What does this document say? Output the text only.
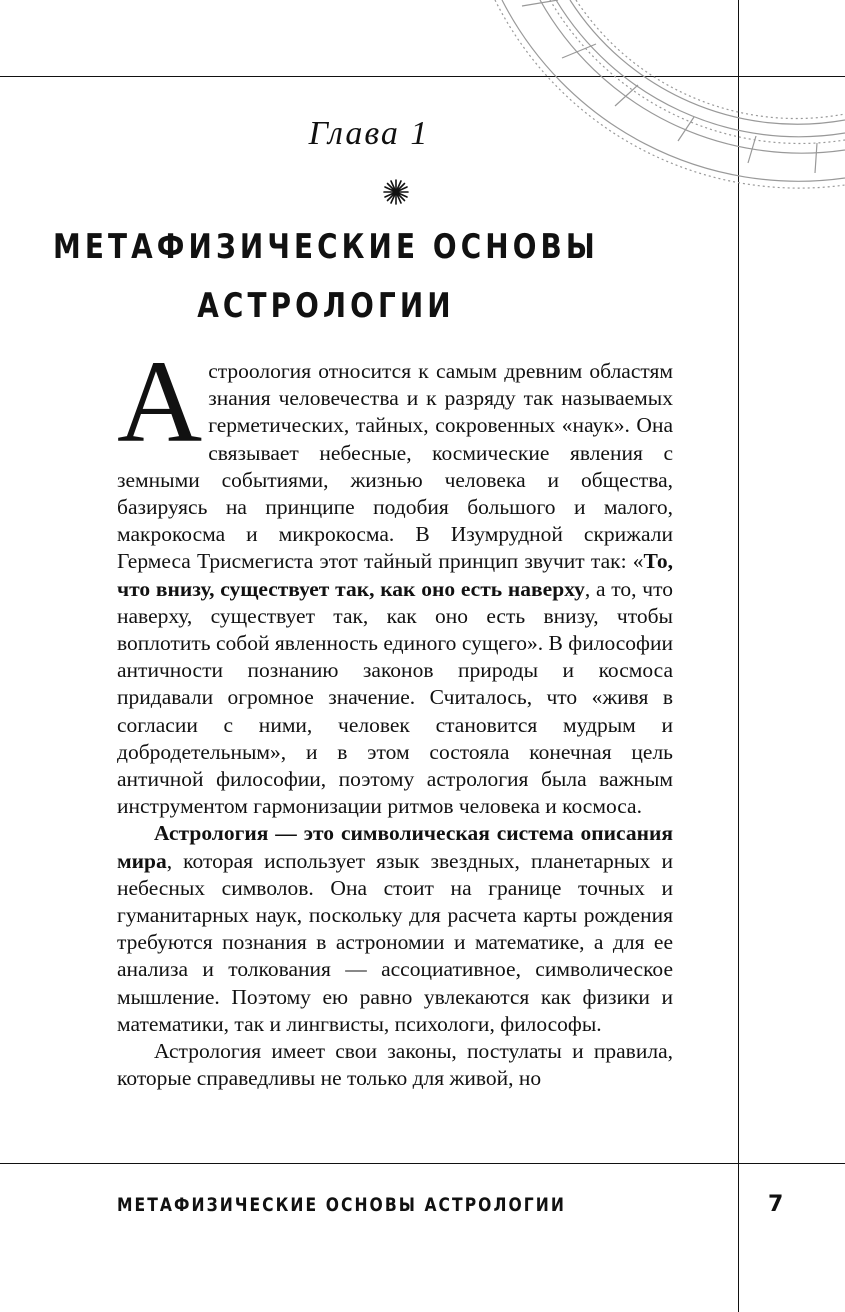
Глава 1
МЕТАФИЗИЧЕСКИЕ ОСНОВЫ
АСТРОЛОГИИ

Астроология относится к самым древним областям знания человечества и к разряду так называемых герметических, тайных, сокровенных «наук». Она связывает небесные, космические явления с земными событиями, жизнью человека и общества, базируясь на принципе подобия большого и малого, макрокосма и микрокосма. В Изумрудной скрижали Гермеса Трисмегиста этот тайный принцип звучит так: «То, что внизу, существует так, как оно есть наверху, а то, что наверху, существует так, как оно есть внизу, чтобы воплотить собой явленность единого сущего». В философии античности познанию законов природы и космоса придавали огромное значение. Считалось, что «живя в согласии с ними, человек становится мудрым и добродетельным», и в этом состояла конечная цель античной философии, поэтому астрология была важным инструментом гармонизации ритмов человека и космоса.

Астрология — это символическая система описания мира, которая использует язык звездных, планетарных и небесных символов. Она стоит на границе точных и гуманитарных наук, поскольку для расчета карты рождения требуются познания в астрономии и математике, а для ее анализа и толкования — ассоциативное, символическое мышление. Поэтому ею равно увлекаются как физики и математики, так и лингвисты, психологи, философы.

Астрология имеет свои законы, постулаты и правила, которые справедливы не только для живой, но

МЕТАФИЗИЧЕСКИЕ ОСНОВЫ АСТРОЛОГИИ	7
